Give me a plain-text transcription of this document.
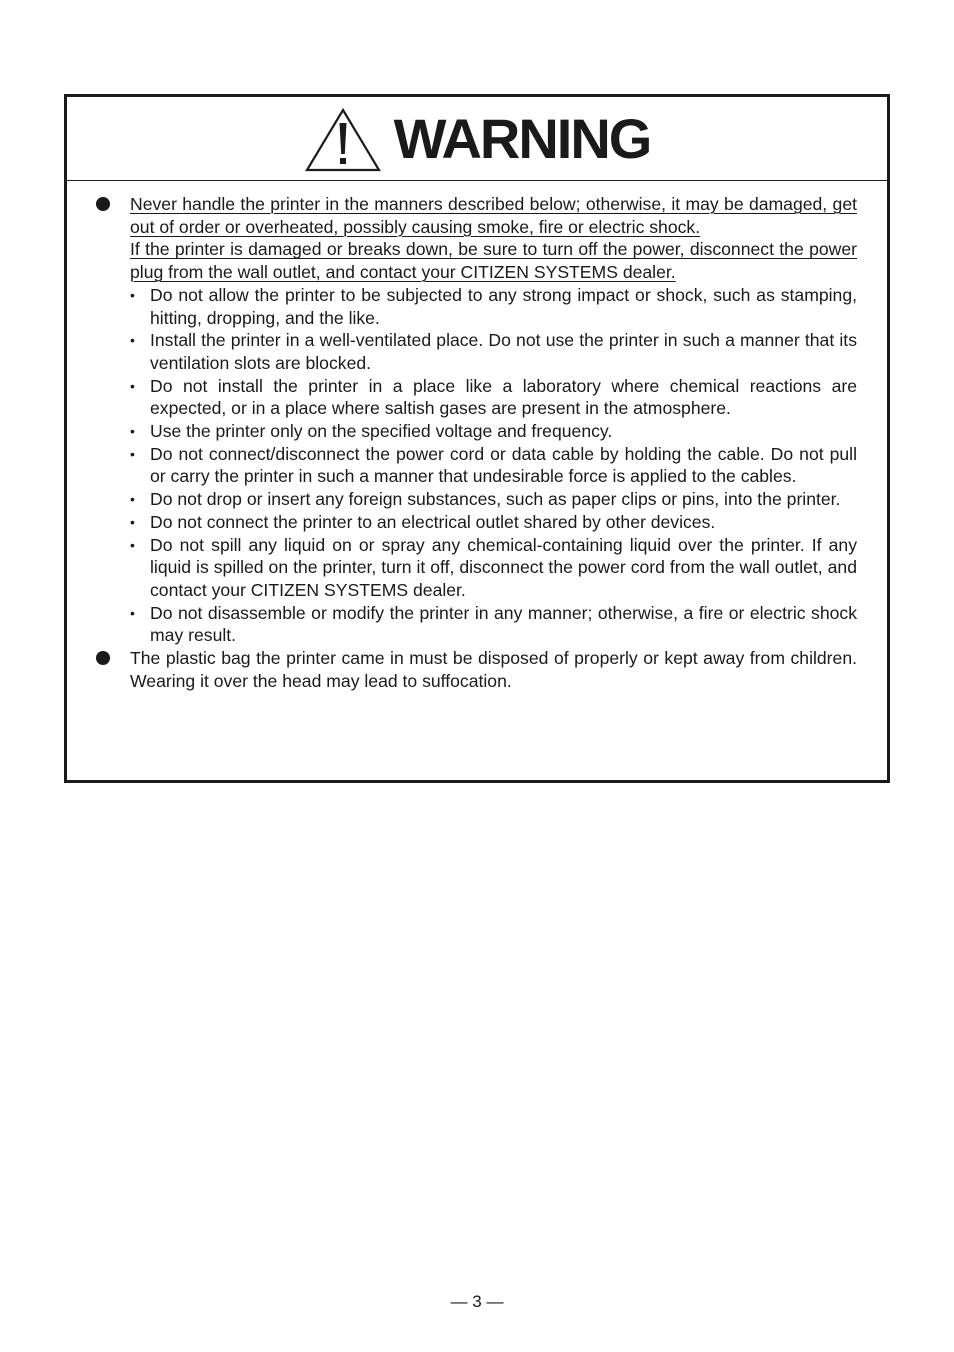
WARNING
Never handle the printer in the manners described below; otherwise, it may be damaged, get out of order or overheated, possibly causing smoke, fire or electric shock.
If the printer is damaged or breaks down, be sure to turn off the power, disconnect the power plug from the wall outlet, and contact your CITIZEN SYSTEMS dealer.
• Do not allow the printer to be subjected to any strong impact or shock, such as stamping, hitting, dropping, and the like.
• Install the printer in a well-ventilated place. Do not use the printer in such a manner that its ventilation slots are blocked.
• Do not install the printer in a place like a laboratory where chemical reactions are expected, or in a place where saltish gases are present in the atmosphere.
• Use the printer only on the specified voltage and frequency.
• Do not connect/disconnect the power cord or data cable by holding the cable. Do not pull or carry the printer in such a manner that undesirable force is applied to the cables.
• Do not drop or insert any foreign substances, such as paper clips or pins, into the printer.
• Do not connect the printer to an electrical outlet shared by other devices.
• Do not spill any liquid on or spray any chemical-containing liquid over the printer. If any liquid is spilled on the printer, turn it off, disconnect the power cord from the wall outlet, and contact your CITIZEN SYSTEMS dealer.
• Do not disassemble or modify the printer in any manner; otherwise, a fire or electric shock may result.
The plastic bag the printer came in must be disposed of properly or kept away from children. Wearing it over the head may lead to suffocation.
— 3 —
